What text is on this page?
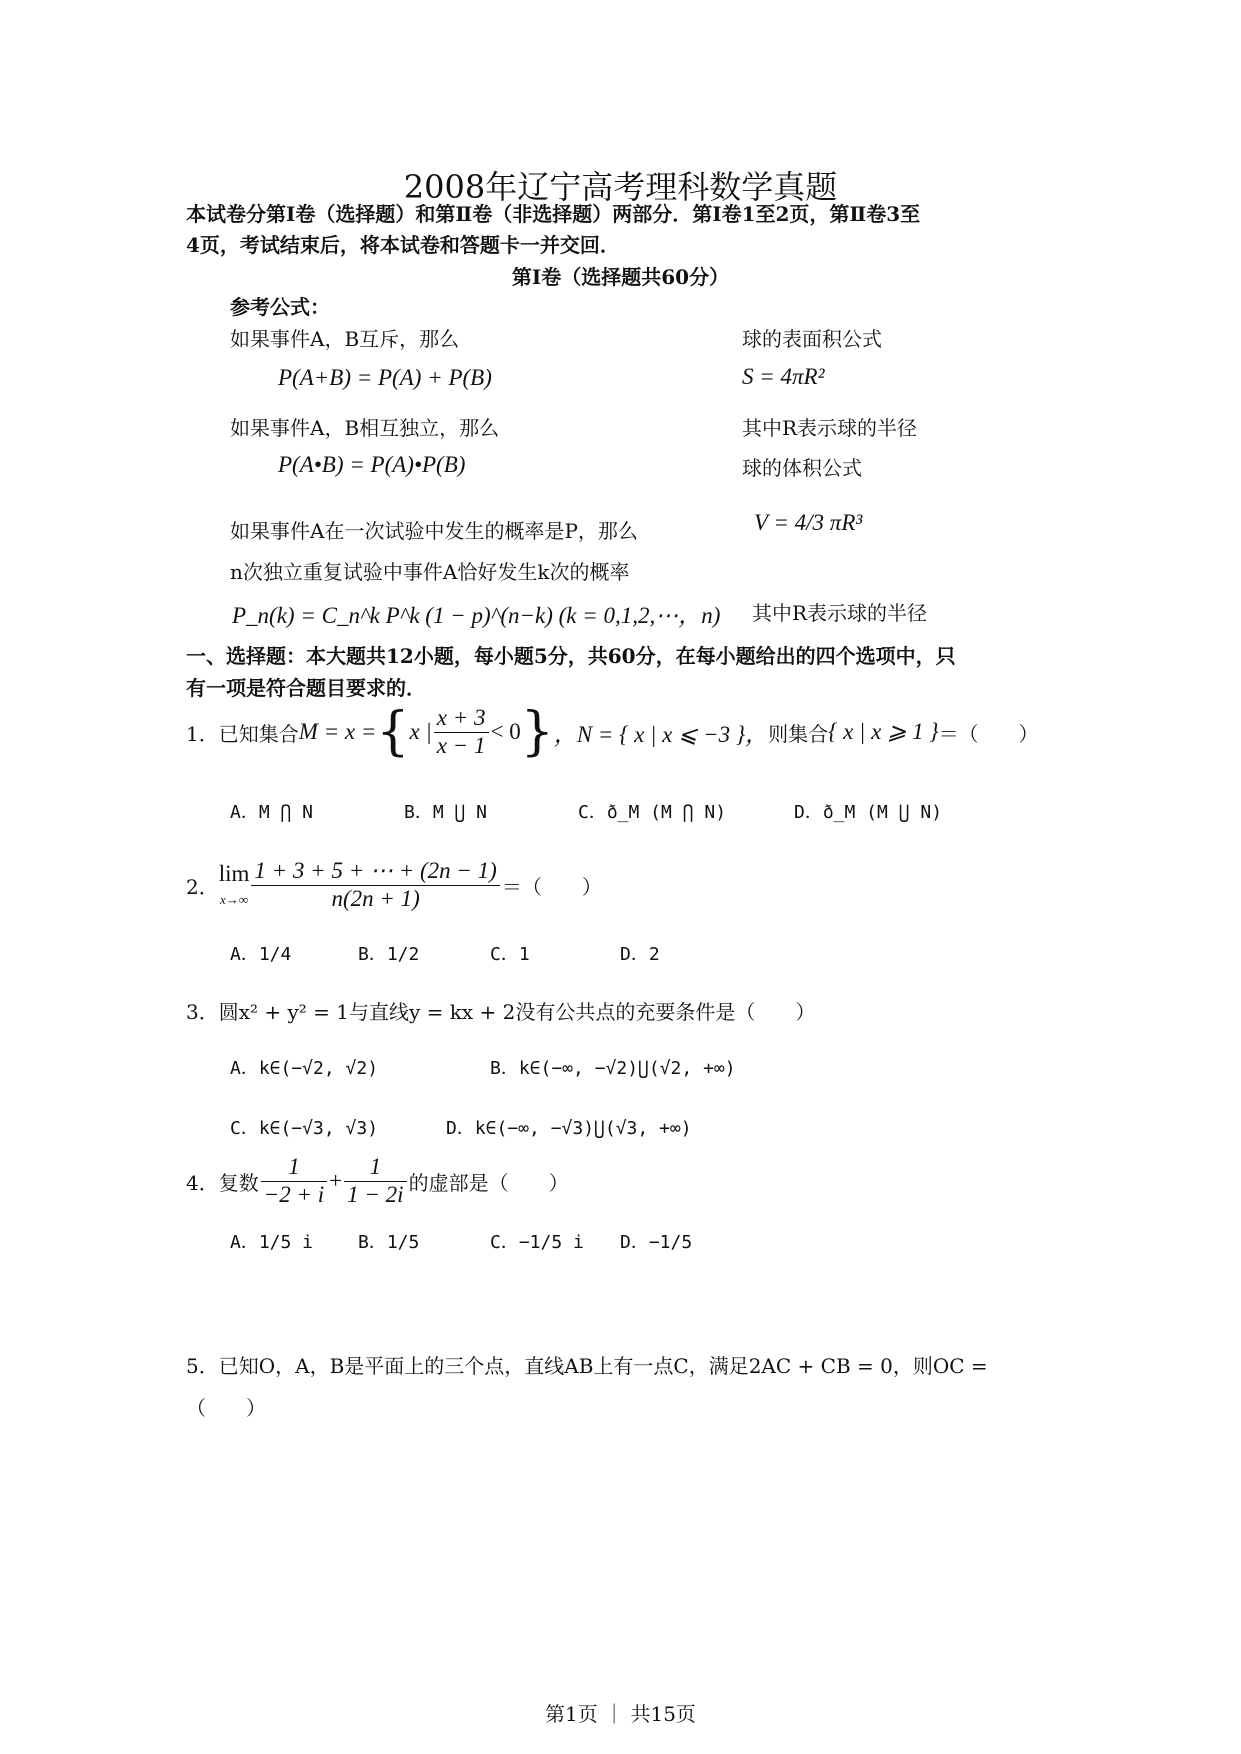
2008年辽宁高考理科数学真题
本试卷分第Ⅰ卷（选择题）和第Ⅱ卷（非选择题）两部分．第Ⅰ卷1至2页，第Ⅱ卷3至
4页，考试结束后，将本试卷和答题卡一并交回．
第Ⅰ卷（选择题共60分）
参考公式：
如果事件A，B互斥，那么
P(A+B) = P(A) + P(B)
如果事件A，B相互独立，那么
P(A•B) = P(A)•P(B)
如果事件A在一次试验中发生的概率是P，那么
n次独立重复试验中事件A恰好发生k次的概率
P_n(k) = C_n^k P^k (1 − p)^(n−k) (k = 0,1,2,⋯，n)
球的表面积公式
S = 4πR²
其中R表示球的半径
球的体积公式
V = 4/3 πR³
其中R表示球的半径
一、选择题：本大题共12小题，每小题5分，共60分，在每小题给出的四个选项中，只
有一项是符合题目要求的．
1．已知集合 M = x = { x | $\frac{x + 3}{x - 1} < 0$ } ，N = { x | x ⩽ −3 }， 则集合 { x | x ⩾ 1 } ＝（　　）
A．M ⋂ N	B．M ⋃ N	C．ð_M (M ⋂ N)	D．ð_M (M ⋃ N)
2．
lim
$x\to\infty \frac{1 + 3 + 5 + \cdots + (2n - 1)}{n(2n + 1)}$ ＝（　　）
A．1/4	B．1/2	C．1	D．2
3．圆x² + y² = 1与直线y = kx + 2没有公共点的充要条件是（　　）
A．k∈(−√2, √2)	B．k∈(−∞, −√2)⋃(√2, +∞)
C．k∈(−√3, √3)	D．k∈(−∞, −√3)⋃(√3, +∞)
4．复数 $\frac{1}{-2 + i} + \frac{1}{1 - 2i}$ 的虚部是（　　）
A．1/5 i B．1/5	C．−1/5 i D．−1/5
5．已知O，A，B是平面上的三个点，直线AB上有一点C，满足2AC + CB = 0，则OC =
（　　）
第1页 ｜ 共15页
